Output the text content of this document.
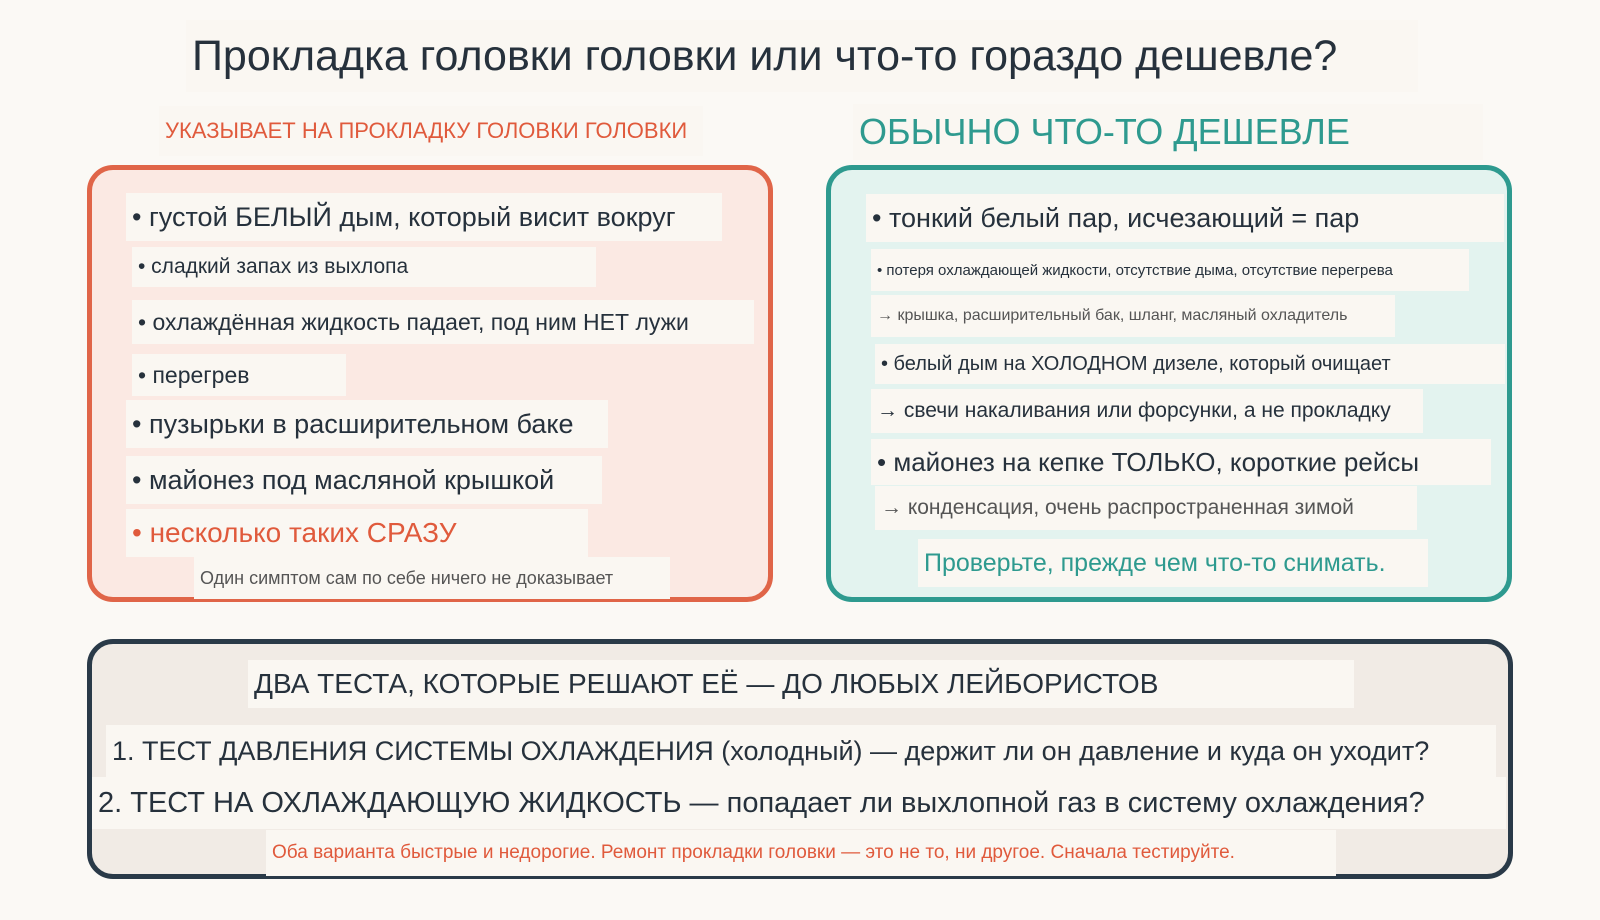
Прокладка головки головки или что-то гораздо дешевле?
УКАЗЫВАЕТ НА ПРОКЛАДКУ ГОЛОВКИ ГОЛОВКИ	ОБЫЧНО ЧТО-ТО ДЕШЕВЛЕ
• густой БЕЛЫЙ дым, который висит вокруг
• сладкий запах из выхлопа
• охлаждённая жидкость падает, под ним НЕТ лужи
• перегрев
• пузырьки в расширительном баке
• майонез под масляной крышкой
• несколько таких СРАЗУ
Один симптом сам по себе ничего не доказывает
• тонкий белый пар, исчезающий = пар
• потеря охлаждающей жидкости, отсутствие дыма, отсутствие перегрева
→ крышка, расширительный бак, шланг, масляный охладитель
• белый дым на ХОЛОДНОМ дизеле, который очищает
→ свечи накаливания или форсунки, а не прокладку
• майонез на кепке ТОЛЬКО, короткие рейсы
→ конденсация, очень распространенная зимой
Проверьте, прежде чем что-то снимать.
ДВА ТЕСТА, КОТОРЫЕ РЕШАЮТ ЕЁ — ДО ЛЮБЫХ ЛЕЙБОРИСТОВ
1. ТЕСТ ДАВЛЕНИЯ СИСТЕМЫ ОХЛАЖДЕНИЯ (холодный) — держит ли он давление и куда он уходит?
2. ТЕСТ НА ОХЛАЖДАЮЩУЮ ЖИДКОСТЬ — попадает ли выхлопной газ в систему охлаждения?
Оба варианта быстрые и недорогие. Ремонт прокладки головки — это не то, ни другое. Сначала тестируйте.
